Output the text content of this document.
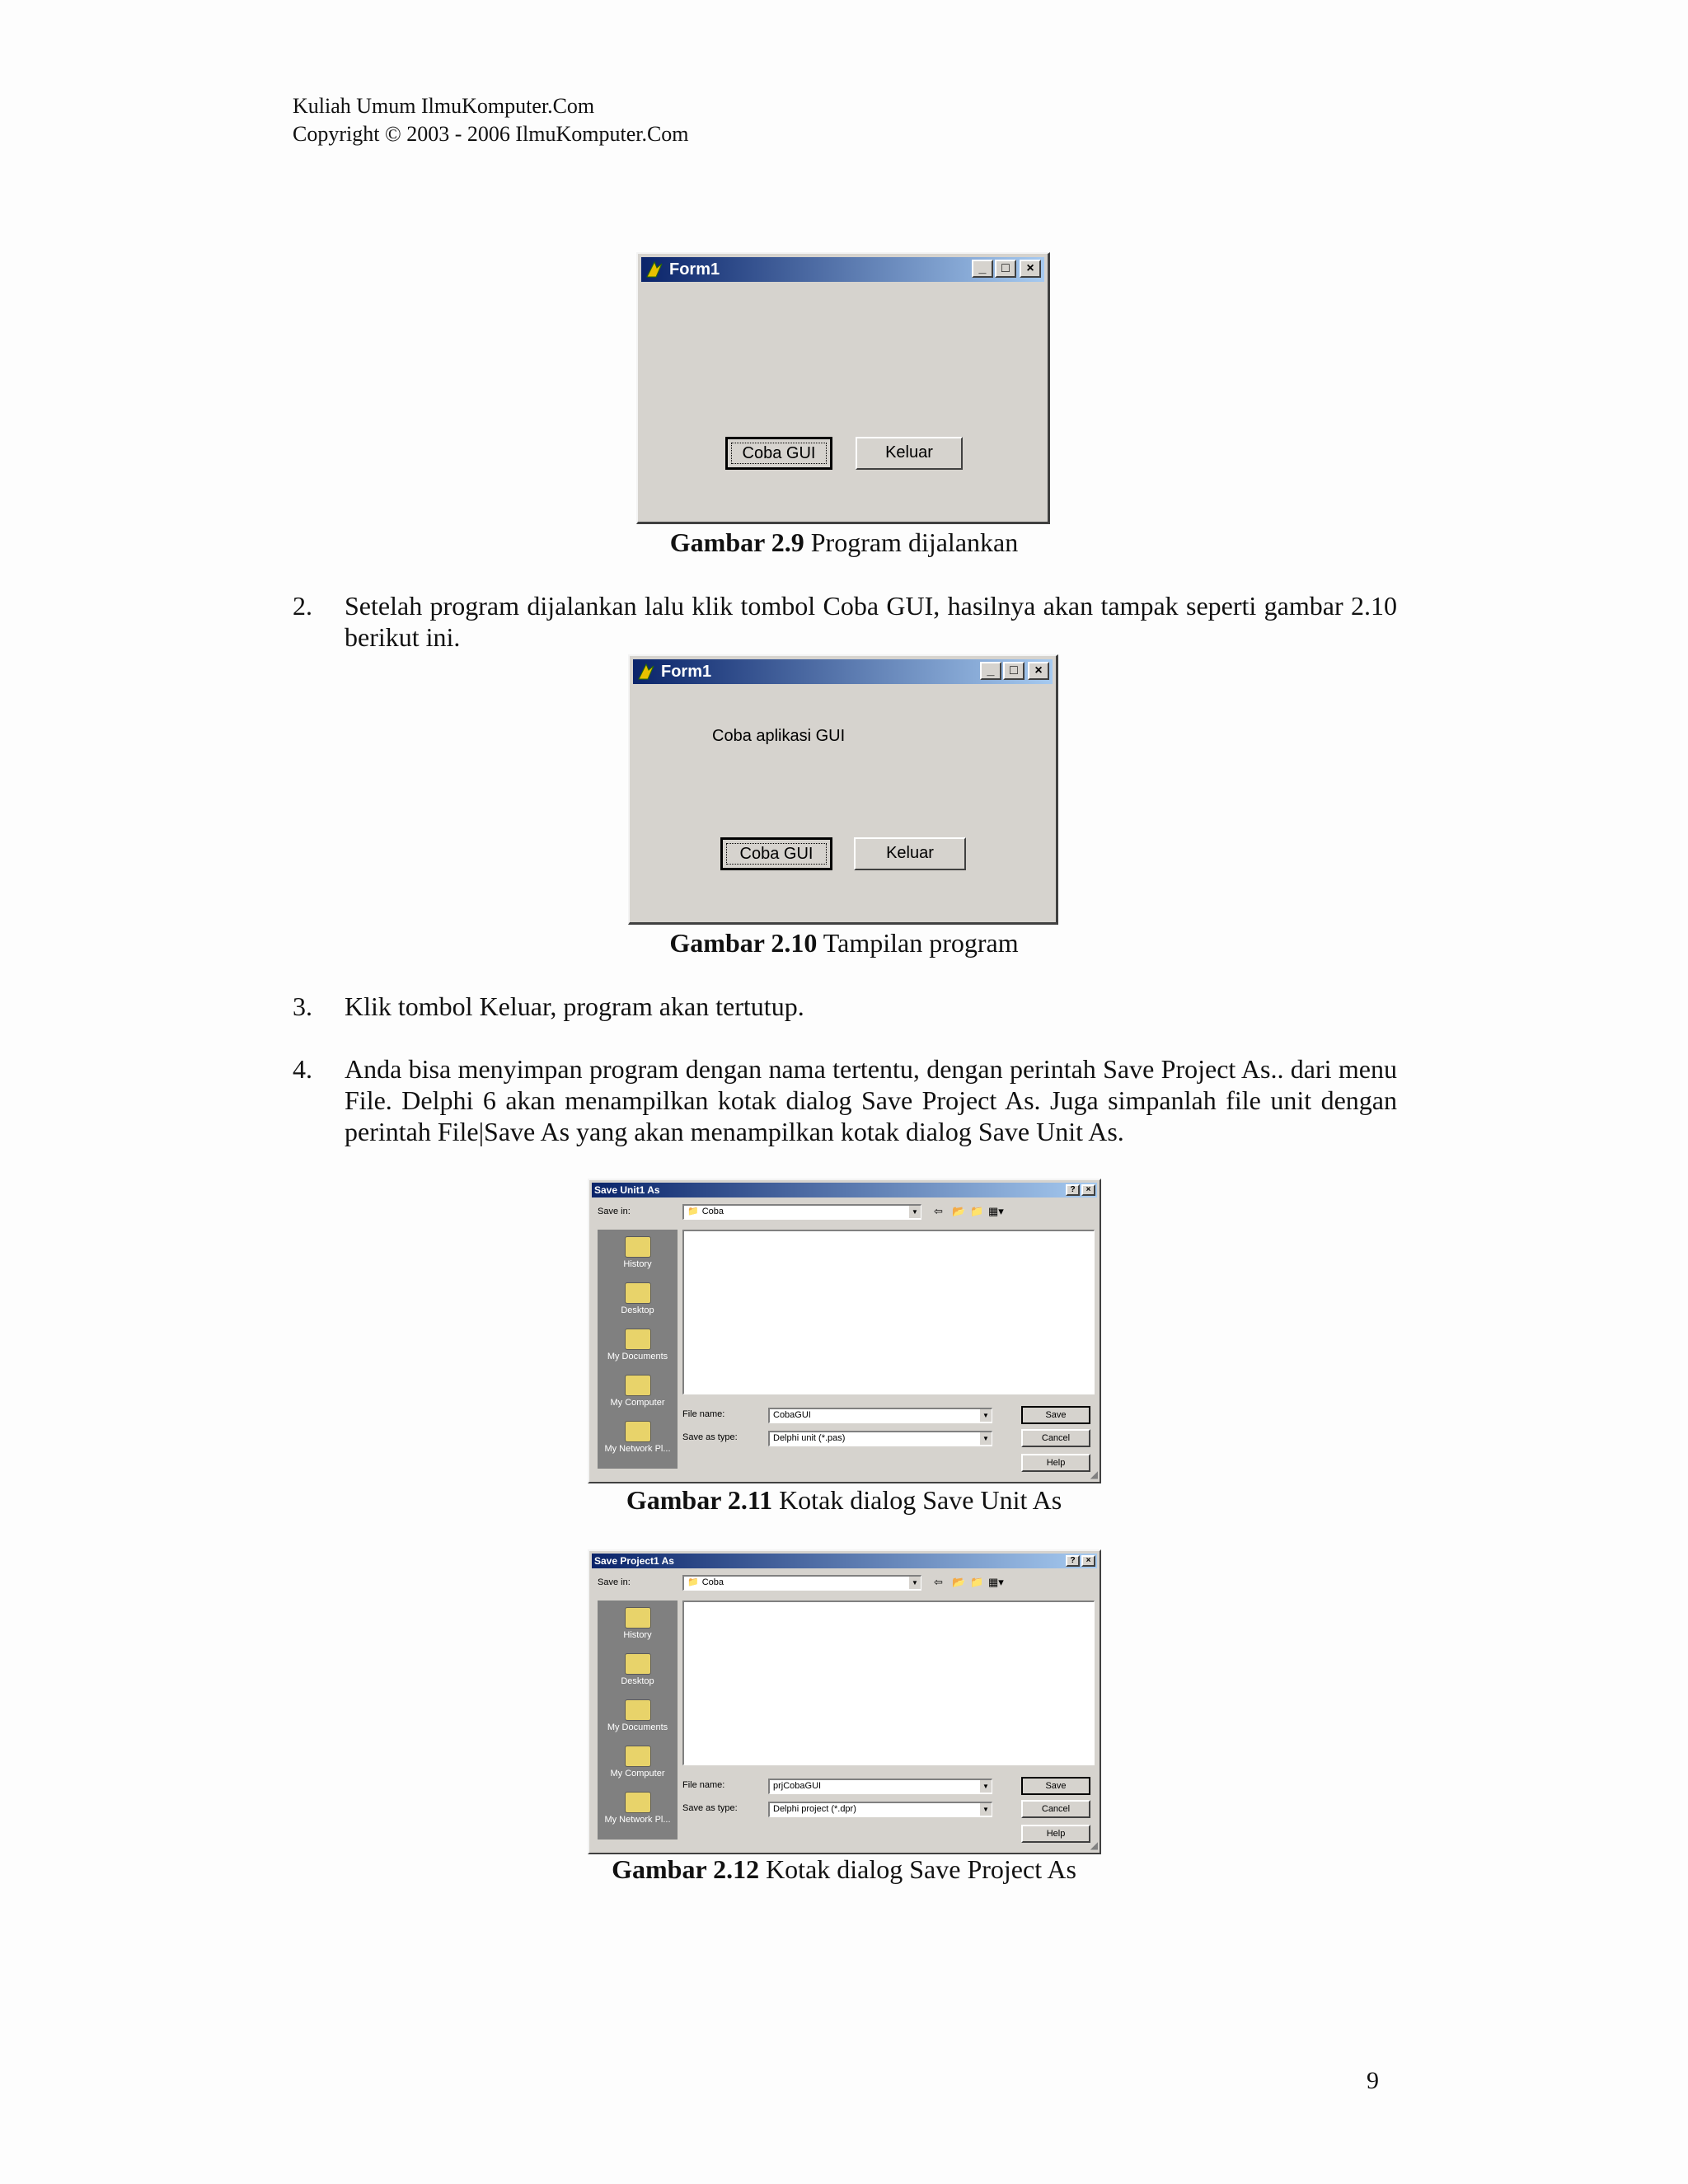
Kuliah Umum IlmuKomputer.Com
Copyright © 2003 - 2006 IlmuKomputer.Com
Form1	_	□	×
Coba GUI	Keluar
Gambar 2.9 Program dijalankan
2. Setelah program dijalankan lalu klik tombol Coba GUI, hasilnya akan tampak seperti gambar 2.10 berikut ini.
Form1	_	□	×
Coba aplikasi GUI
Coba GUI	Keluar
Gambar 2.10 Tampilan program
3. Klik tombol Keluar, program akan tertutup.
4. Anda bisa menyimpan program dengan nama tertentu, dengan perintah Save Project As.. dari menu File. Delphi 6 akan menampilkan kotak dialog Save Project As. Juga simpanlah file unit dengan perintah File|Save As yang akan menampilkan kotak dialog Save Unit As.
Save Unit1 As	?	×
Save in:	📁 Coba	▼ ⇦ 📂 📁 ▦▾
History
Desktop
My Documents
My Computer
My Network Pl...
File name:	CobaGUI	▼
Save as type:	Delphi unit (*.pas)	▼
Save
Cancel
Help
◢
Gambar 2.11 Kotak dialog Save Unit As
Save Project1 As	?	×
Save in:	📁 Coba	▼ ⇦ 📂 📁 ▦▾
History
Desktop
My Documents
My Computer
My Network Pl...
File name:	prjCobaGUI	▼
Save as type:	Delphi project (*.dpr)	▼
Save
Cancel
Help
◢
Gambar 2.12 Kotak dialog Save Project As
9
